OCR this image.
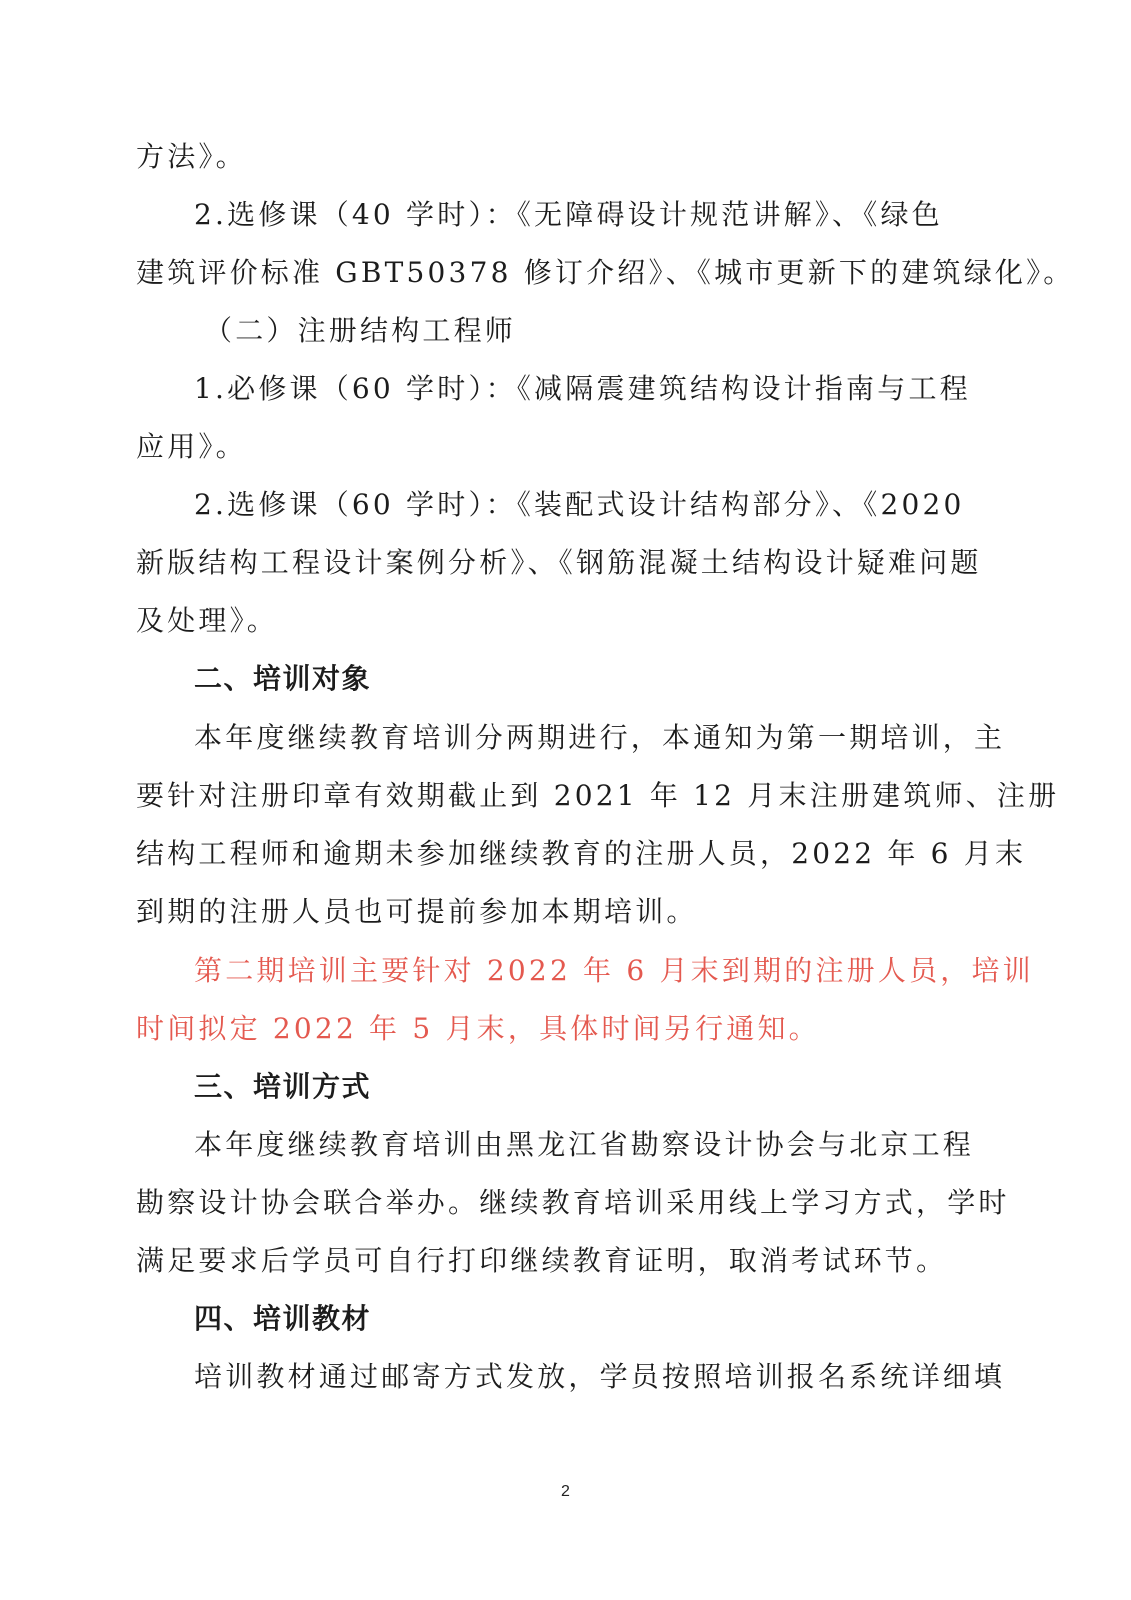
方法》。
2.选修课（40 学时）：《无障碍设计规范讲解》、《绿色
建筑评价标准 GBT50378 修订介绍》、《城市更新下的建筑绿化》。
（二）注册结构工程师
1.必修课（60 学时）：《减隔震建筑结构设计指南与工程
应用》。
2.选修课（60 学时）：《装配式设计结构部分》、《2020
新版结构工程设计案例分析》、《钢筋混凝土结构设计疑难问题
及处理》。
二、培训对象
本年度继续教育培训分两期进行，本通知为第一期培训，主
要针对注册印章有效期截止到 2021 年 12 月末注册建筑师、注册
结构工程师和逾期未参加继续教育的注册人员，2022 年 6 月末
到期的注册人员也可提前参加本期培训。
第二期培训主要针对 2022 年 6 月末到期的注册人员，培训
时间拟定 2022 年 5 月末，具体时间另行通知。
三、培训方式
本年度继续教育培训由黑龙江省勘察设计协会与北京工程
勘察设计协会联合举办。继续教育培训采用线上学习方式，学时
满足要求后学员可自行打印继续教育证明，取消考试环节。
四、培训教材
培训教材通过邮寄方式发放，学员按照培训报名系统详细填
2
